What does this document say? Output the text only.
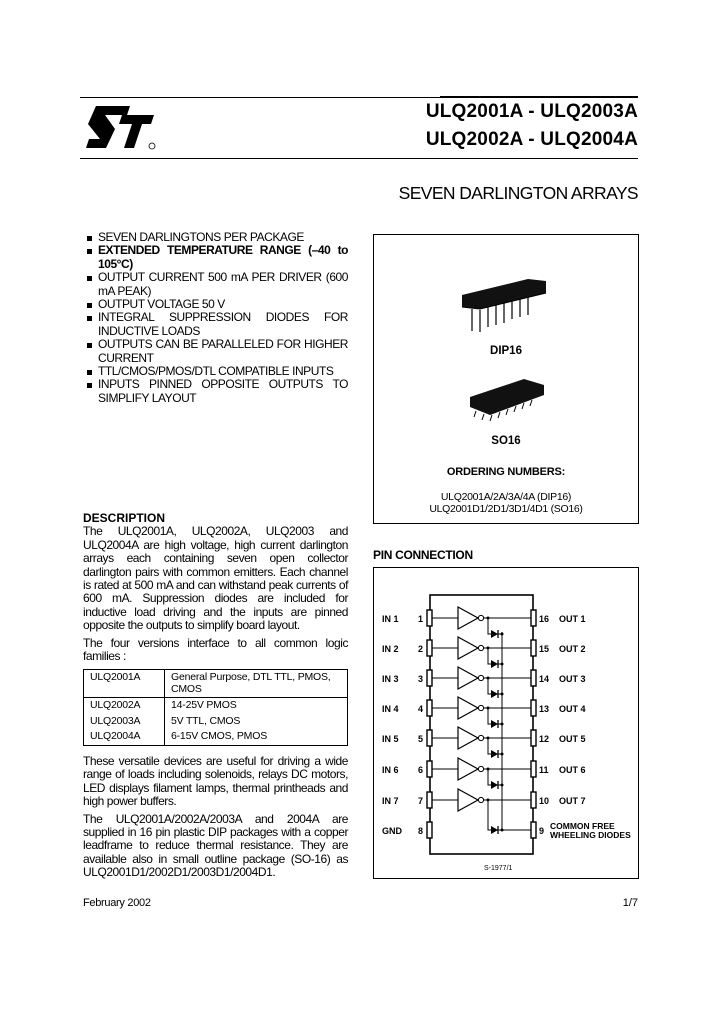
ULQ2001A - ULQ2003A
ULQ2002A - ULQ2004A
SEVEN DARLINGTON ARRAYS
SEVEN DARLINGTONS PER PACKAGE
EXTENDED TEMPERATURE RANGE (–40 to 105°C)
OUTPUT CURRENT 500 mA PER DRIVER (600 mA PEAK)
OUTPUT VOLTAGE 50 V
INTEGRAL SUPPRESSION DIODES FOR INDUCTIVE LOADS
OUTPUTS CAN BE PARALLELED FOR HIGHER CURRENT
TTL/CMOS/PMOS/DTL COMPATIBLE INPUTS
INPUTS PINNED OPPOSITE OUTPUTS TO SIMPLIFY LAYOUT
DIP16
SO16
ORDERING NUMBERS:
ULQ2001A/2A/3A/4A (DIP16)
ULQ2001D1/2D1/3D1/4D1 (SO16)
DESCRIPTION

The ULQ2001A, ULQ2002A, ULQ2003 and ULQ2004A are high voltage, high current darlington arrays each containing seven open collector darlington pairs with common emitters. Each channel is rated at 500 mA and can withstand peak currents of 600 mA. Suppression diodes are included for inductive load driving and the inputs are pinned opposite the outputs to simplify board layout.

The four versions interface to all common logic families :

ULQ2001A	General Purpose, DTL TTL, PMOS, CMOS
ULQ2002A	14-25V PMOS
ULQ2003A	5V TTL, CMOS
ULQ2004A	6-15V CMOS, PMOS

These versatile devices are useful for driving a wide range of loads including solenoids, relays DC motors, LED displays filament lamps, thermal printheads and high power buffers.

The ULQ2001A/2002A/2003A and 2004A are supplied in 16 pin plastic DIP packages with a copper leadframe to reduce thermal resistance. They are available also in small outline package (SO-16) as ULQ2001D1/2002D1/2003D1/2004D1.

PIN CONNECTION
IN 1 1	16 OUT 1
IN 2 2	15 OUT 2
IN 3 3	14 OUT 3
IN 4 4	13 OUT 4
IN 5 5	12 OUT 5
IN 6 6	11 OUT 6
IN 7 7	10 OUT 7
GND 8	9 COMMON FREE
WHEELING DIODES
S-1977/1
February 2002	1/7
